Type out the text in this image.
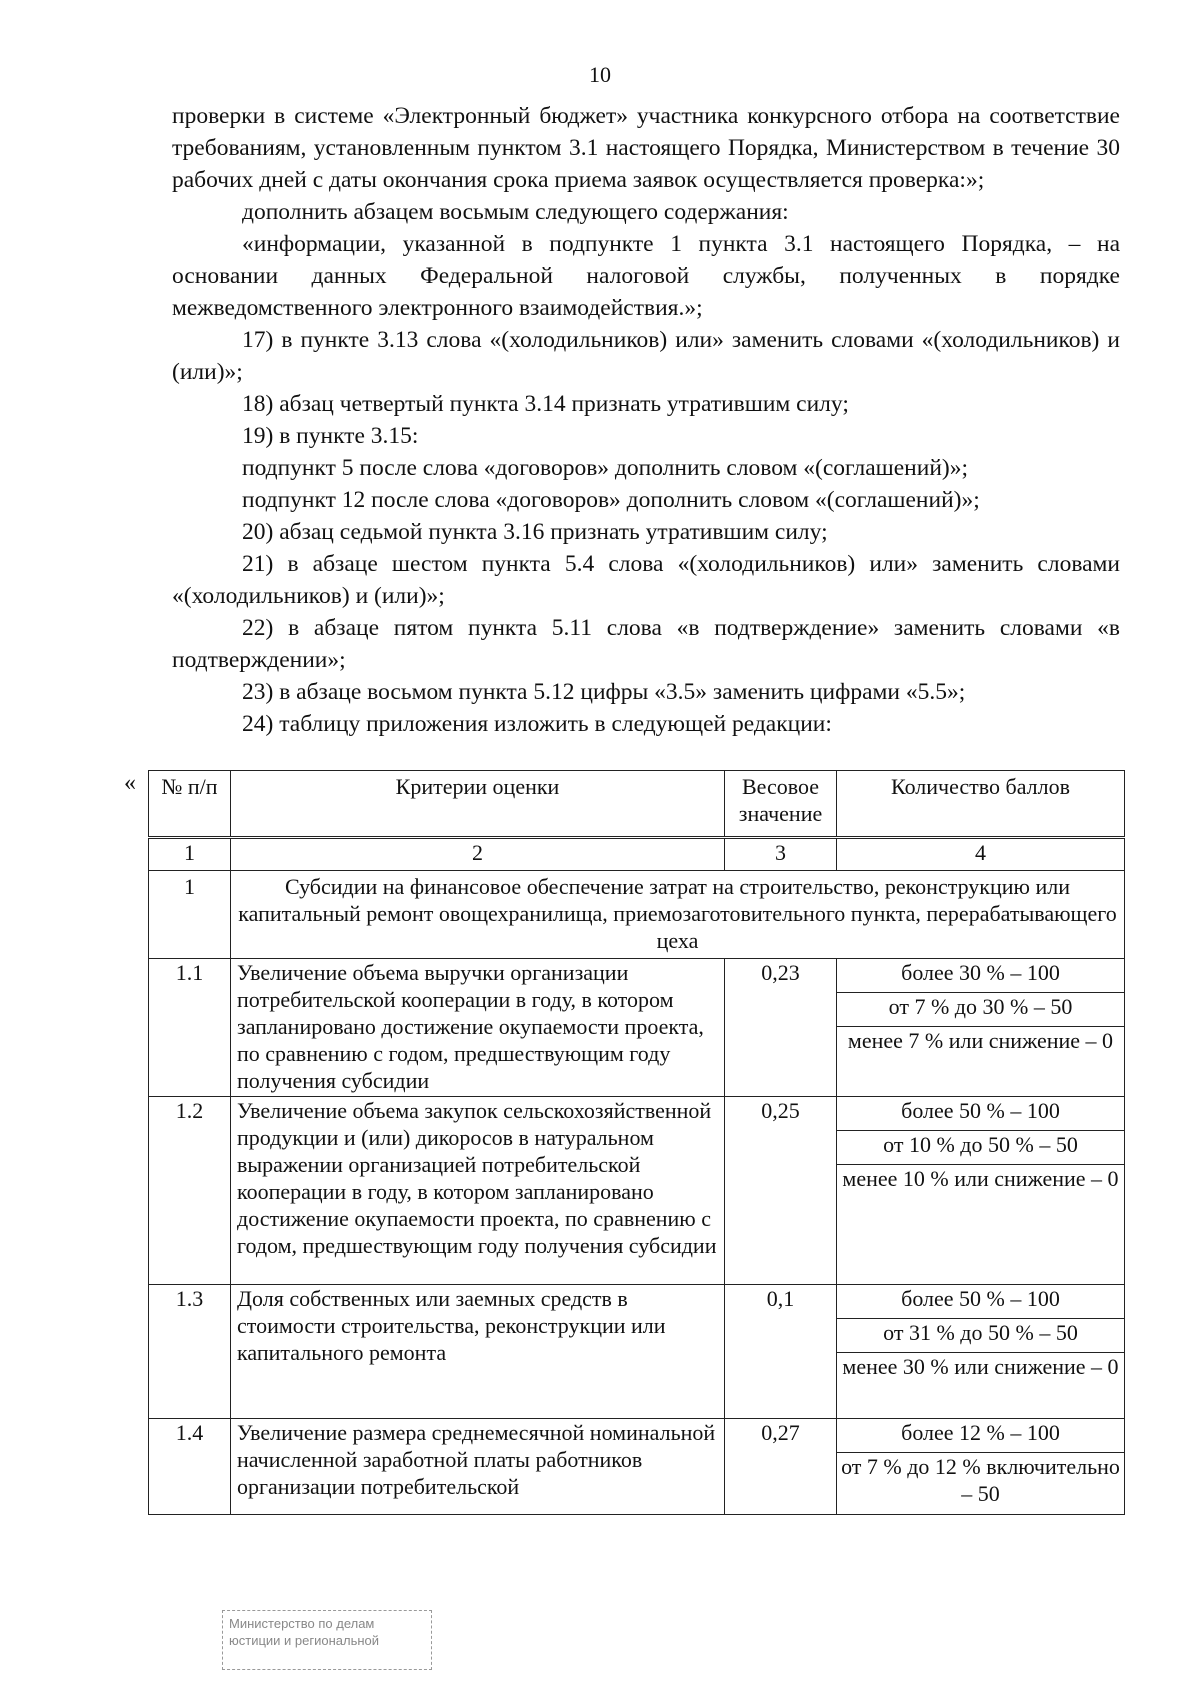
10

проверки в системе «Электронный бюджет» участника конкурсного отбора на соответствие требованиям, установленным пунктом 3.1 настоящего Порядка, Министерством в течение 30 рабочих дней с даты окончания срока приема заявок осуществляется проверка:»;

дополнить абзацем восьмым следующего содержания:

«информации, указанной в подпункте 1 пункта 3.1 настоящего Порядка, – на основании данных Федеральной налоговой службы, полученных в порядке межведомственного электронного взаимодействия.»;

17) в пункте 3.13 слова «(холодильников) или» заменить словами «(холодильников) и (или)»;

18) абзац четвертый пункта 3.14 признать утратившим силу;

19) в пункте 3.15:

подпункт 5 после слова «договоров» дополнить словом «(соглашений)»;

подпункт 12 после слова «договоров» дополнить словом «(соглашений)»;

20) абзац седьмой пункта 3.16 признать утратившим силу;

21) в абзаце шестом пункта 5.4 слова «(холодильников) или» заменить словами «(холодильников) и (или)»;

22) в абзаце пятом пункта 5.11 слова «в подтверждение» заменить словами «в подтверждении»;

23) в абзаце восьмом пункта 5.12 цифры «3.5» заменить цифрами «5.5»;

24) таблицу приложения изложить в следующей редакции:

« № п/п	Критерии оценки	Весовое значение	Количество баллов
1	2	3	4
1	Субсидии на финансовое обеспечение затрат на строительство, реконструкцию или капитальный ремонт овощехранилища, приемозаготовительного пункта, перерабатывающего цеха		
1.1	Увеличение объема выручки организации потребительской кооперации в году, в котором запланировано достижение окупаемости проекта, по сравнению с годом, предшествующим году получения субсидии	0,23	более 30 % – 100
			от 7 % до 30 % – 50
			менее 7 % или снижение – 0
1.2	Увеличение объема закупок сельскохозяйственной продукции и (или) дикоросов в натуральном выражении организацией потребительской кооперации в году, в котором запланировано достижение окупаемости проекта, по сравнению с годом, предшествующим году получения субсидии	0,25	более 50 % – 100
			от 10 % до 50 % – 50
			менее 10 % или снижение – 0
1.3	Доля собственных или заемных средств в стоимости строительства, реконструкции или капитального ремонта	0,1	более 50 % – 100
			от 31 % до 50 % – 50
			менее 30 % или снижение – 0
1.4	Увеличение размера среднемесячной номинальной начисленной заработной платы работников организации потребительской	0,27	более 12 % – 100
			от 7 % до 12 % включительно – 50
Министерство по делам
юстиции и региональной
